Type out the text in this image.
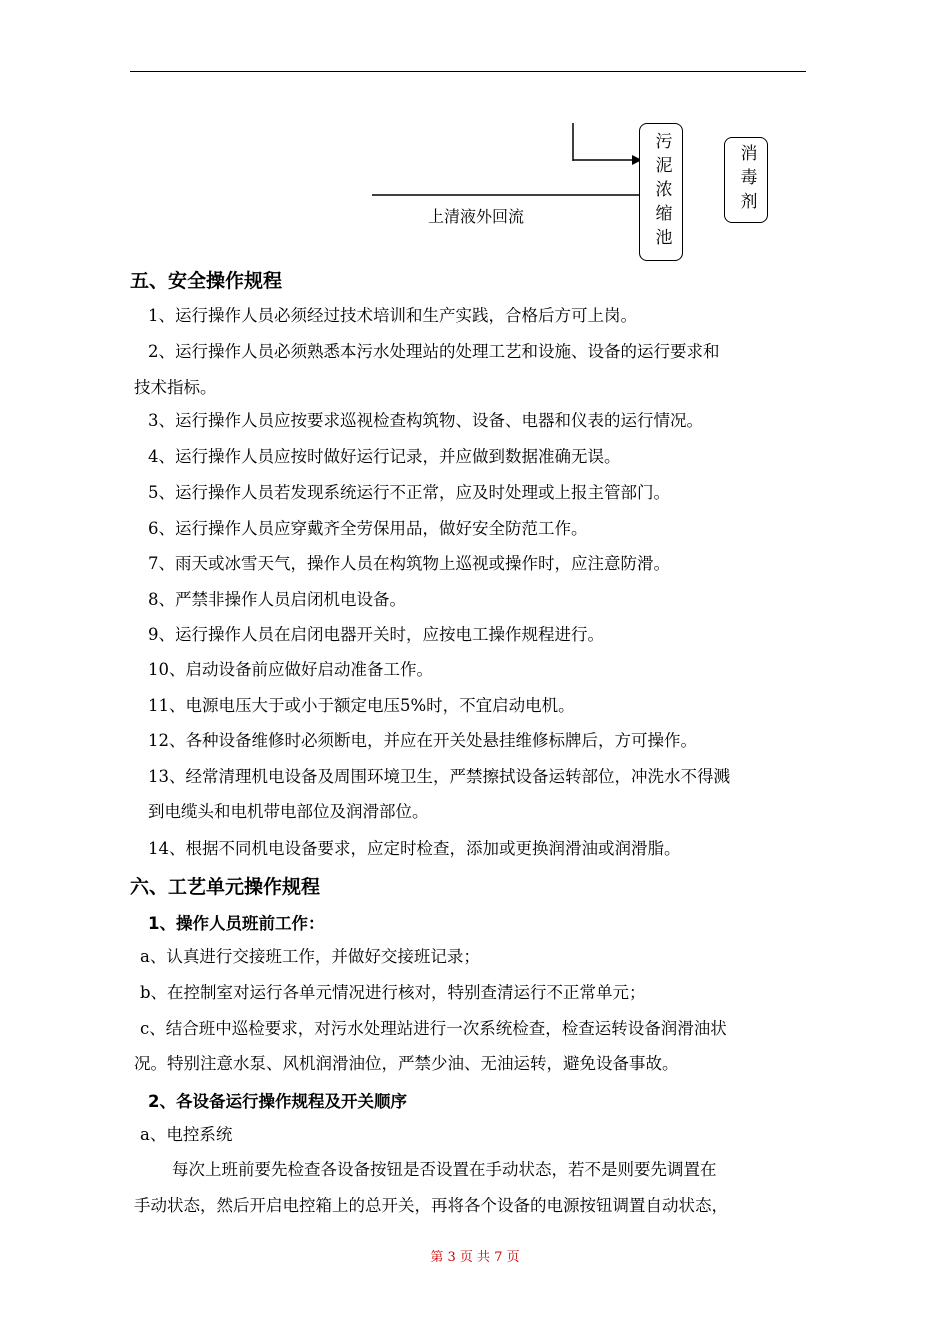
污泥浓缩池	消毒剂
上清液外回流
五、安全操作规程
1、运行操作人员必须经过技术培训和生产实践，合格后方可上岗。
2、运行操作人员必须熟悉本污水处理站的处理工艺和设施、设备的运行要求和
技术指标。
3、运行操作人员应按要求巡视检查构筑物、设备、电器和仪表的运行情况。
4、运行操作人员应按时做好运行记录，并应做到数据准确无误。
5、运行操作人员若发现系统运行不正常，应及时处理或上报主管部门。
6、运行操作人员应穿戴齐全劳保用品，做好安全防范工作。
7、雨天或冰雪天气，操作人员在构筑物上巡视或操作时，应注意防滑。
8、严禁非操作人员启闭机电设备。
9、运行操作人员在启闭电器开关时，应按电工操作规程进行。
10、启动设备前应做好启动准备工作。
11、电源电压大于或小于额定电压5%时，不宜启动电机。
12、各种设备维修时必须断电，并应在开关处悬挂维修标牌后，方可操作。
13、经常清理机电设备及周围环境卫生，严禁擦拭设备运转部位，冲洗水不得溅
到电缆头和电机带电部位及润滑部位。
14、根据不同机电设备要求，应定时检查，添加或更换润滑油或润滑脂。
六、工艺单元操作规程
1、操作人员班前工作：
a、认真进行交接班工作，并做好交接班记录；
b、在控制室对运行各单元情况进行核对，特别查清运行不正常单元；
c、结合班中巡检要求，对污水处理站进行一次系统检查，检查运转设备润滑油状
况。特别注意水泵、风机润滑油位，严禁少油、无油运转，避免设备事故。
2、各设备运行操作规程及开关顺序
a、电控系统
每次上班前要先检查各设备按钮是否设置在手动状态，若不是则要先调置在
手动状态，然后开启电控箱上的总开关，再将各个设备的电源按钮调置自动状态，
第 3 页 共 7 页
